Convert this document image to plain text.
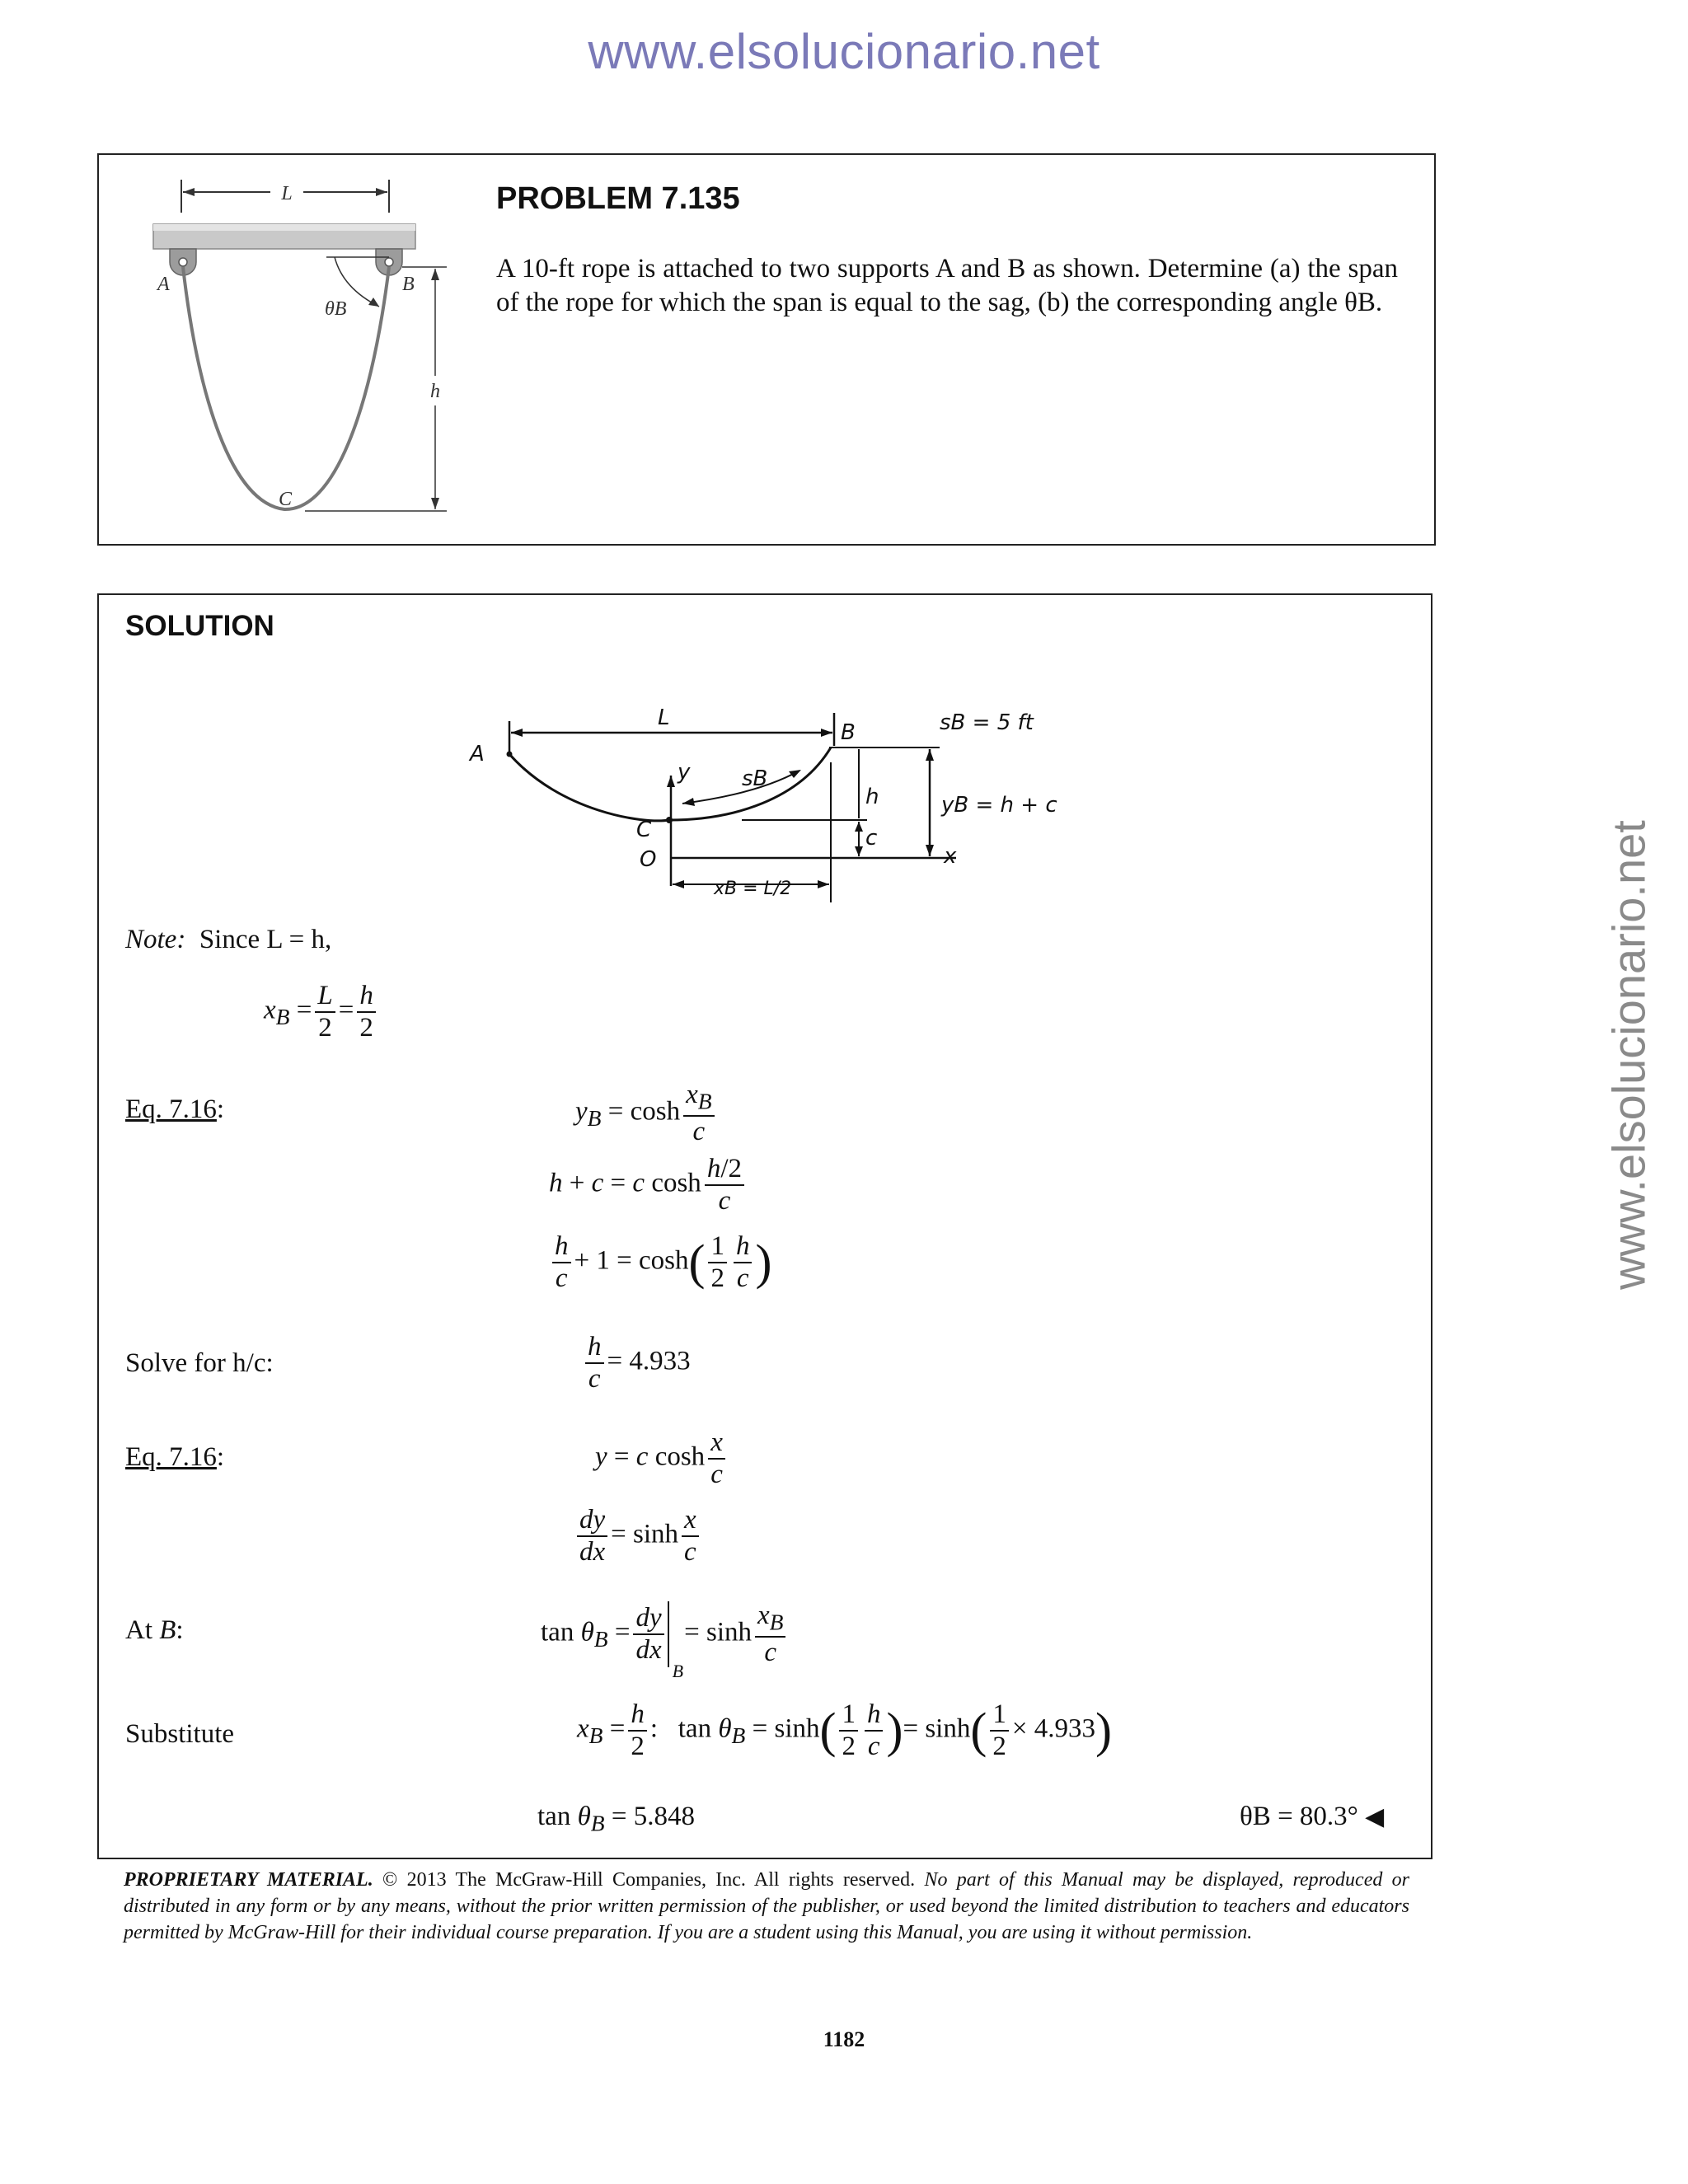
www.elsolucionario.net
www.elsolucionario.net
L
A	B
θB
h
C
PROBLEM 7.135
A 10-ft rope is attached to two supports A and B as shown. Determine (a) the span of the rope for which the span is equal to the sag, (b) the corresponding angle θB.
SOLUTION
A
L
B
y sB
C
O
h
c
x
sB = 5 ft
yB = h + c
xB = L/2
Note: Since L = h,
$x_B = \frac{L}{2} = \frac{h}{2}$
Eq. 7.16:	$y_B = \cosh \frac{x_B}{c}$
h + c = c $\cosh \frac{h/2}{c}$
$\frac{h}{c} + 1 = \cosh( \frac{1}{2} \frac{h}{c}$ )
Solve for h/c:	$\frac{h}{c} = 4.933$
Eq. 7.16:	y = c $\cosh \frac{x}{c}$
$\frac{dy}{dx} = \sinh \frac{x}{c}$
At B:	$\tan \theta_B = \frac{dy}{dx}$
B
= $\sinh \frac{x_B}{c}$
Substitute	$x_B = \frac{h}{2}$ :   $\tan \theta_B = \sinh( \frac{1}{2} \frac{h}{c}$ )= $\sinh( \frac{1}{2} \times 4.933)$
$\tan \theta_B = 5.848$	θB = 80.3° ◀
PROPRIETARY MATERIAL. © 2013 The McGraw-Hill Companies, Inc. All rights reserved. No part of this Manual may be displayed, reproduced or distributed in any form or by any means, without the prior written permission of the publisher, or used beyond the limited distribution to teachers and educators permitted by McGraw-Hill for their individual course preparation. If you are a student using this Manual, you are using it without permission.
1182
